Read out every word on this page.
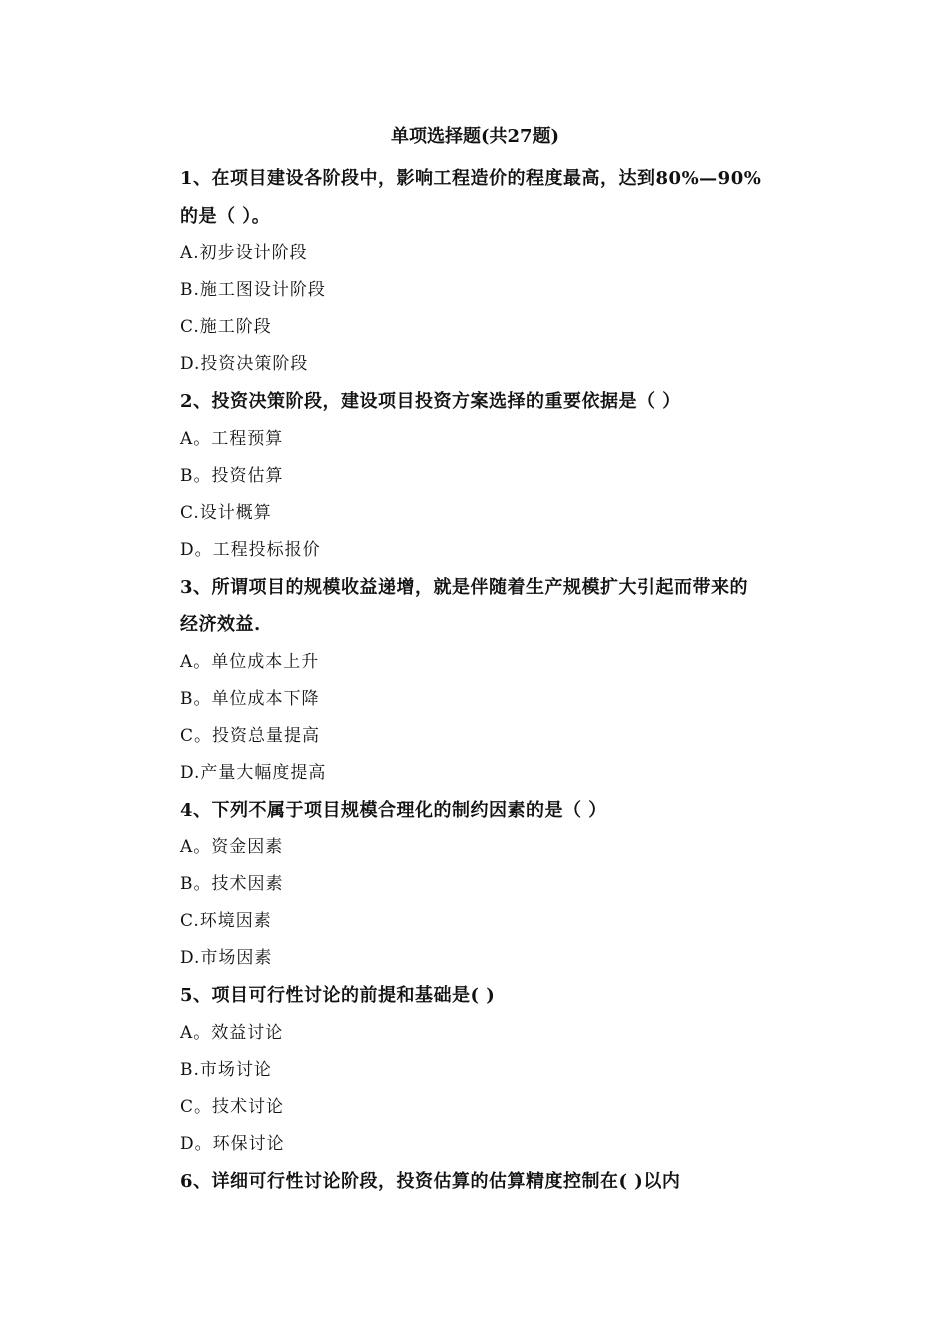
单项选择题(共27题)

1、在项目建设各阶段中，影响工程造价的程度最高，达到80%—90%

的是（ ）。

A.初步设计阶段

B.施工图设计阶段

C.施工阶段

D.投资决策阶段

2、投资决策阶段，建设项目投资方案选择的重要依据是（ ）

A。工程预算

B。投资估算

C.设计概算

D。工程投标报价

3、所谓项目的规模收益递增，就是伴随着生产规模扩大引起而带来的

经济效益.

A。单位成本上升

B。单位成本下降

C。投资总量提高

D.产量大幅度提高

4、下列不属于项目规模合理化的制约因素的是（ ）

A。资金因素

B。技术因素

C.环境因素

D.市场因素

5、项目可行性讨论的前提和基础是( )

A。效益讨论

B.市场讨论

C。技术讨论

D。环保讨论

6、详细可行性讨论阶段，投资估算的估算精度控制在( )以内
